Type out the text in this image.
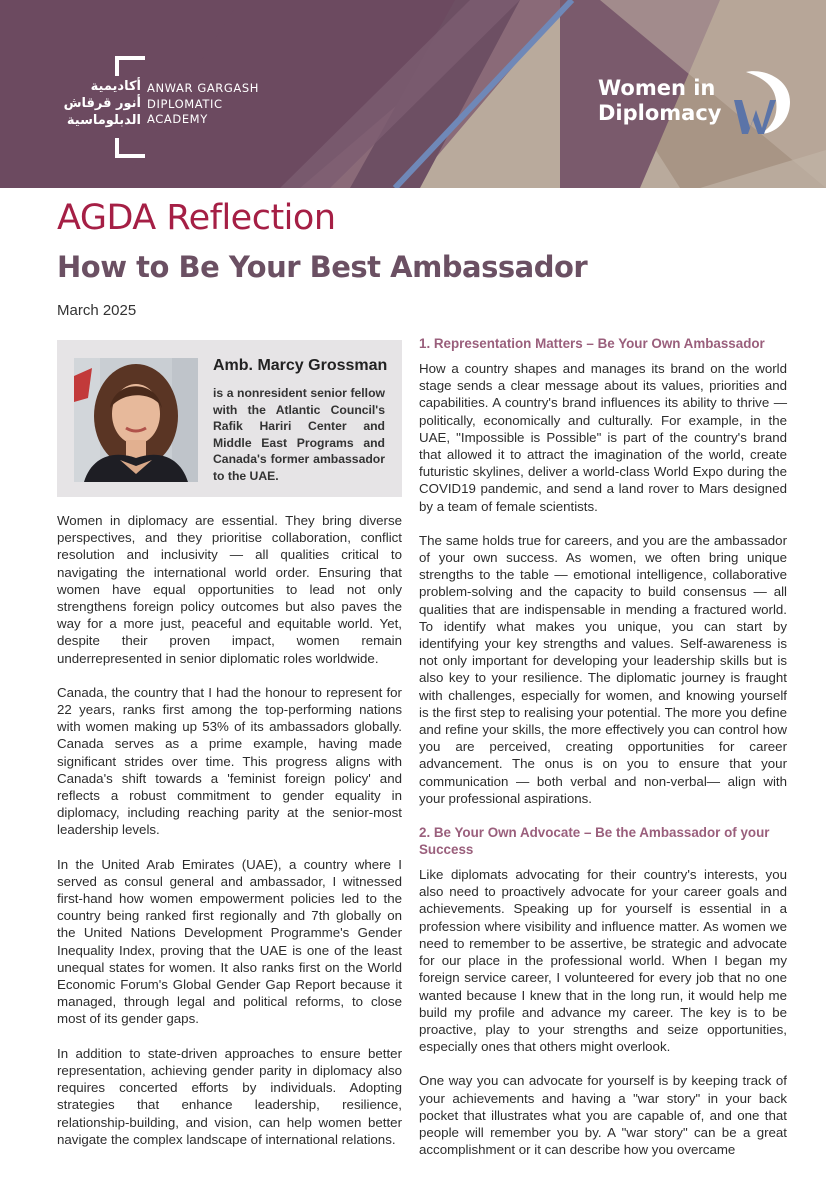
أكاديمية
أنور قرقاش
الدبلوماسية
ANWAR GARGASH
DIPLOMATIC
ACADEMY
Women in
Diplomacy
AGDA Reflection
How to Be Your Best Ambassador
March 2025
Amb. Marcy Grossman
is a nonresident senior fellow with the Atlantic Council's Rafik Hariri Center and Middle East Programs and Canada's former ambassador to the UAE.

Women in diplomacy are essential. They bring diverse perspectives, and they prioritise collaboration, conflict resolution and inclusivity — all qualities critical to navigating the international world order. Ensuring that women have equal opportunities to lead not only strengthens foreign policy outcomes but also paves the way for a more just, peaceful and equitable world. Yet, despite their proven impact, women remain underrepresented in senior diplomatic roles worldwide.

Canada, the country that I had the honour to represent for 22 years, ranks first among the top-performing nations with women making up 53% of its ambassadors globally. Canada serves as a prime example, having made significant strides over time. This progress aligns with Canada's shift towards a 'feminist foreign policy' and reflects a robust commitment to gender equality in diplomacy, including reaching parity at the senior-most leadership levels.

In the United Arab Emirates (UAE), a country where I served as consul general and ambassador, I witnessed first-hand how women empowerment policies led to the country being ranked first regionally and 7th globally on the United Nations Development Programme's Gender Inequality Index, proving that the UAE is one of the least unequal states for women. It also ranks first on the World Economic Forum's Global Gender Gap Report because it managed, through legal and political reforms, to close most of its gender gaps.

In addition to state-driven approaches to ensure better representation, achieving gender parity in diplomacy also requires concerted efforts by individuals. Adopting strategies that enhance leadership, resilience, relationship-building, and vision, can help women better navigate the complex landscape of international relations.

1. Representation Matters – Be Your Own Ambassador

How a country shapes and manages its brand on the world stage sends a clear message about its values, priorities and capabilities. A country's brand influences its ability to thrive — politically, economically and culturally. For example, in the UAE, "Impossible is Possible" is part of the country's brand that allowed it to attract the imagination of the world, create futuristic skylines, deliver a world-class World Expo during the COVID19 pandemic, and send a land rover to Mars designed by a team of female scientists.

The same holds true for careers, and you are the ambassador of your own success. As women, we often bring unique strengths to the table — emotional intelligence, collaborative problem-solving and the capacity to build consensus — all qualities that are indispensable in mending a fractured world. To identify what makes you unique, you can start by identifying your key strengths and values. Self-awareness is not only important for developing your leadership skills but is also key to your resilience. The diplomatic journey is fraught with challenges, especially for women, and knowing yourself is the first step to realising your potential. The more you define and refine your skills, the more effectively you can control how you are perceived, creating opportunities for career advancement. The onus is on you to ensure that your communication — both verbal and non-verbal— align with your professional aspirations.

2. Be Your Own Advocate – Be the Ambassador of your Success

Like diplomats advocating for their country's interests, you also need to proactively advocate for your career goals and achievements. Speaking up for yourself is essential in a profession where visibility and influence matter. As women we need to remember to be assertive, be strategic and advocate for our place in the professional world. When I began my foreign service career, I volunteered for every job that no one wanted because I knew that in the long run, it would help me build my profile and advance my career. The key is to be proactive, play to your strengths and seize opportunities, especially ones that others might overlook.

One way you can advocate for yourself is by keeping track of your achievements and having a "war story" in your back pocket that illustrates what you are capable of, and one that people will remember you by. A "war story" can be a great accomplishment or it can describe how you overcame
